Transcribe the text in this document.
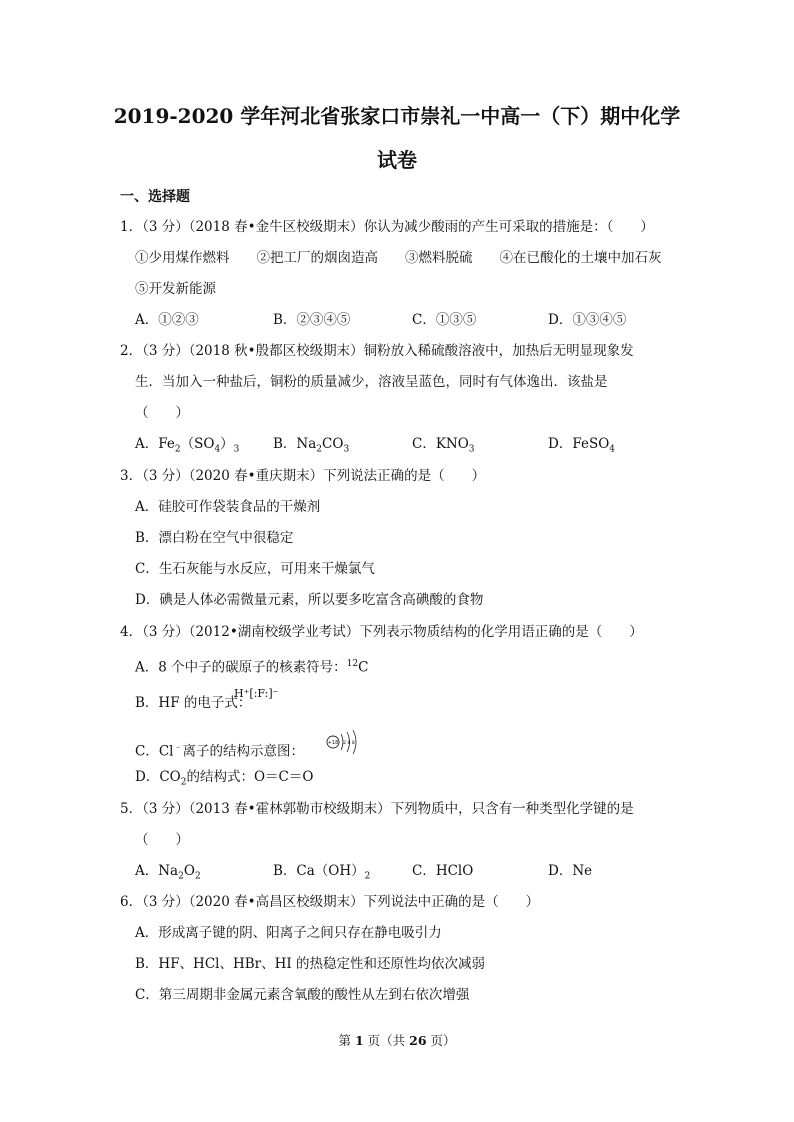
2019-2020 学年河北省张家口市崇礼一中高一（下）期中化学
试卷
一、选择题
1．（3 分）（2018 春•金牛区校级期末）你认为减少酸雨的产生可采取的措施是：（　　）
①少用煤作燃料　　②把工厂的烟囱造高　　③燃料脱硫　　④在已酸化的土壤中加石灰
⑤开发新能源
A．①②③	B．②③④⑤	C．①③⑤	D．①③④⑤
2．（3 分）（2018 秋•殷都区校级期末）铜粉放入稀硫酸溶液中，加热后无明显现象发
生．当加入一种盐后，铜粉的质量减少，溶液呈蓝色，同时有气体逸出．该盐是
（　　）
A．$Fe_2(SO_4)_3$ B．$Na_2CO_3$	C．$KNO_3$	D．FeSO$_4$
3．（3 分）（2020 春•重庆期末）下列说法正确的是（　　）
A．硅胶可作袋装食品的干燥剂
B．漂白粉在空气中很稳定
C．生石灰能与水反应，可用来干燥氯气
D．碘是人体必需微量元素，所以要多吃富含高碘酸的食物
4．（3 分）（2012•湖南校级学业考试）下列表示物质结构的化学用语正确的是（　　）
A．8 个中子的碳原子的核素符号：$^{12}$C
B．HF 的电子式：
H⁺[:F:]⁻
C．Cl﹣离子的结构示意图：
+18 2 8 8
D．$CO_2$的结构式：O＝C＝O
5．（3 分）（2013 春•霍林郭勒市校级期末）下列物质中，只含有一种类型化学键的是
（　　）
A．$Na_2O_2$	B．$Ca(OH)_2$	C．HClO	D．Ne
6．（3 分）（2020 春•高昌区校级期末）下列说法中正确的是（　　）
A．形成离子键的阴、阳离子之间只存在静电吸引力
B．HF、HCl、HBr、HI 的热稳定性和还原性均依次减弱
C．第三周期非金属元素含氧酸的酸性从左到右依次增强
第 1 页（共 26 页）
